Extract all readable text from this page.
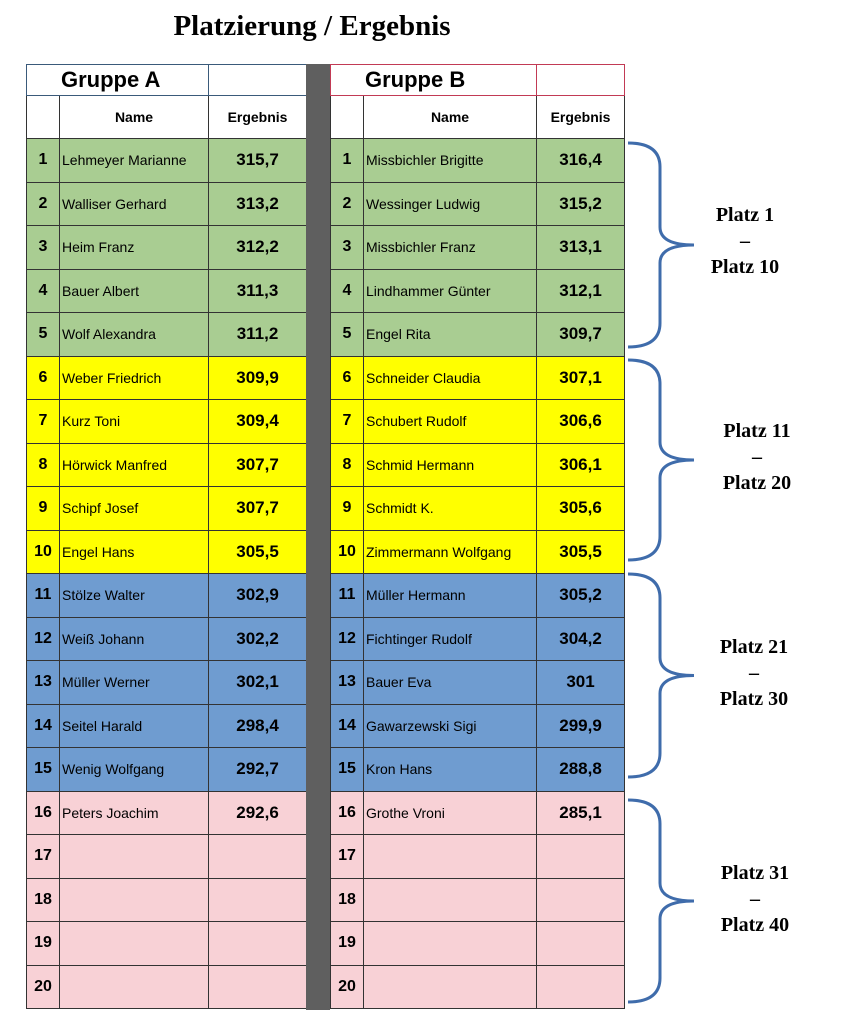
Platzierung / Ergebnis
Gruppe A		
	Name	Ergebnis
1	Lehmeyer Marianne	315,7
2	Walliser Gerhard	313,2
3	Heim Franz	312,2
4	Bauer Albert	311,3
5	Wolf Alexandra	311,2
6	Weber Friedrich	309,9
7	Kurz Toni	309,4
8	Hörwick Manfred	307,7
9	Schipf Josef	307,7
10	Engel Hans	305,5
11	Stölze Walter	302,9
12	Weiß Johann	302,2
13	Müller Werner	302,1
14	Seitel Harald	298,4
15	Wenig Wolfgang	292,7
16	Peters Joachim	292,6
17		
18		
19		
20		
Gruppe B		
	Name	Ergebnis
1	Missbichler Brigitte	316,4
2	Wessinger Ludwig	315,2
3	Missbichler Franz	313,1
4	Lindhammer Günter	312,1
5	Engel Rita	309,7
6	Schneider Claudia	307,1
7	Schubert Rudolf	306,6
8	Schmid Hermann	306,1
9	Schmidt K.	305,6
10	Zimmermann Wolfgang	305,5
11	Müller Hermann	305,2
12	Fichtinger Rudolf	304,2
13	Bauer Eva	301
14	Gawarzewski Sigi	299,9
15	Kron Hans	288,8
16	Grothe Vroni	285,1
17		
18		
19		
20		
Platz 1
–
Platz 10
Platz 11
–
Platz 20
Platz 21
–
Platz 30
Platz 31
–
Platz 40
